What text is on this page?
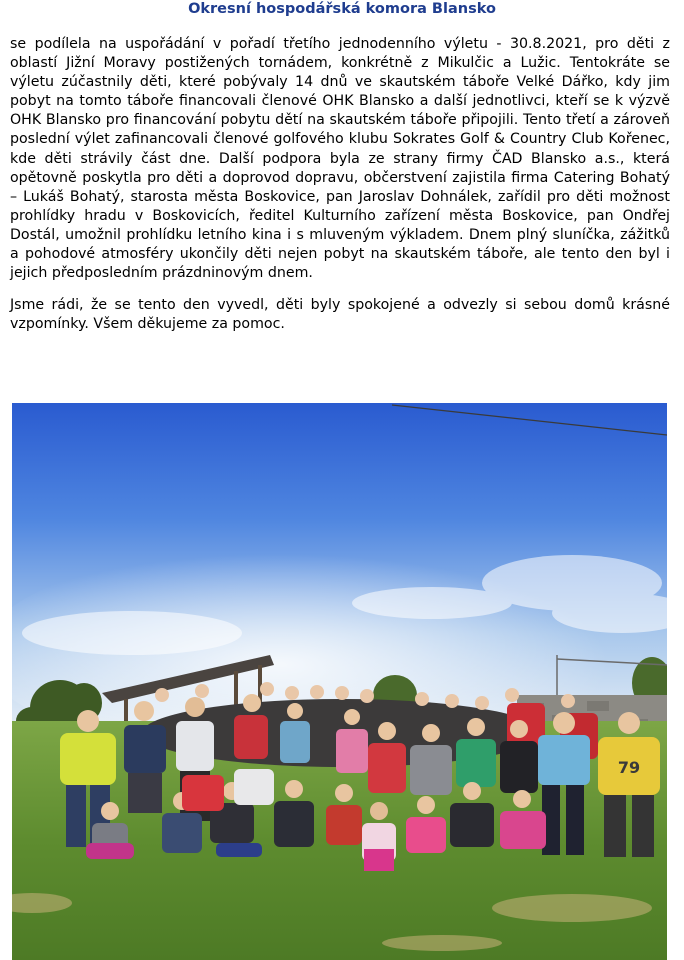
Okresní hospodářská komora Blansko

se podílela na uspořádání v pořadí třetího jednodenního výletu - 30.8.2021, pro děti z oblastí Jižní Moravy postižených tornádem, konkrétně z Mikulčic a Lužic. Tentokráte se výletu zúčastnily děti, které pobývaly 14 dnů ve skautském táboře Velké Dářko, kdy jim pobyt na tomto táboře financovali členové OHK Blansko a další jednotlivci, kteří se k výzvě OHK Blansko pro financování pobytu dětí na skautském táboře připojili. Tento třetí a zároveň poslední výlet zafinancovali členové golfového klubu Sokrates Golf & Country Club Kořenec, kde děti strávily část dne. Další podpora byla ze strany firmy ČAD Blansko a.s., která opětovně poskytla pro děti a doprovod dopravu, občerstvení zajistila firma Catering Bohatý – Lukáš Bohatý, starosta města Boskovice, pan Jaroslav Dohnálek, zařídil pro děti možnost prohlídky hradu v Boskovicích, ředitel Kulturního zařízení města Boskovice, pan Ondřej Dostál, umožnil prohlídku letního kina i s mluveným výkladem. Dnem plný sluníčka, zážitků a pohodové atmosféry ukončily děti nejen pobyt na skautském táboře, ale tento den byl i jejich předposledním prázdninovým dnem.

Jsme rádi, že se tento den vyvedl, děti byly spokojené a odvezly si sebou domů krásné vzpomínky. Všem děkujeme za pomoc.

79
